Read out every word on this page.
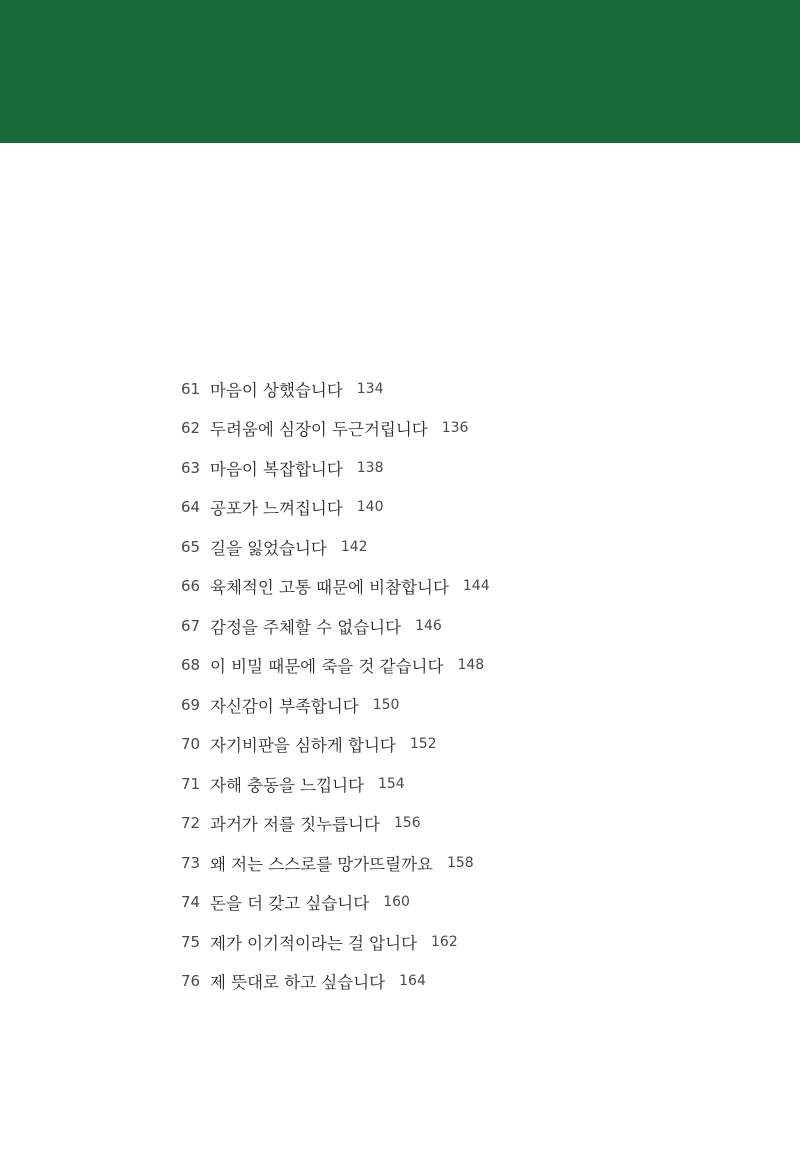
61 마음이 상했습니다 134
62 두려움에 심장이 두근거립니다 136
63 마음이 복잡합니다 138
64 공포가 느껴집니다 140
65 길을 잃었습니다 142
66 육체적인 고통 때문에 비참합니다 144
67 감정을 주체할 수 없습니다 146
68 이 비밀 때문에 죽을 것 같습니다 148
69 자신감이 부족합니다 150
70 자기비판을 심하게 합니다 152
71 자해 충동을 느낍니다 154
72 과거가 저를 짓누릅니다 156
73 왜 저는 스스로를 망가뜨릴까요 158
74 돈을 더 갖고 싶습니다 160
75 제가 이기적이라는 걸 압니다 162
76 제 뜻대로 하고 싶습니다 164
